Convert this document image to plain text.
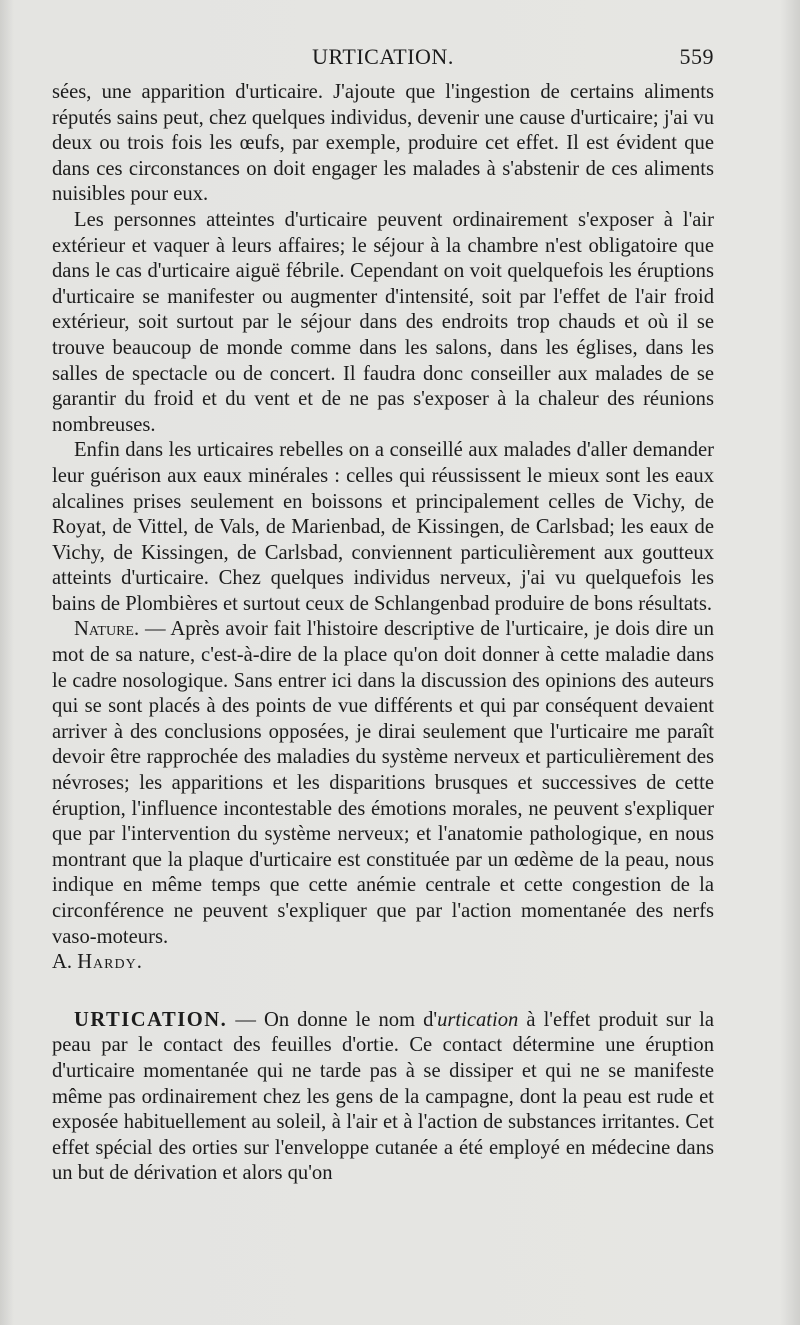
URTICATION.	559

sées, une apparition d'urticaire. J'ajoute que l'ingestion de certains aliments réputés sains peut, chez quelques individus, devenir une cause d'urticaire; j'ai vu deux ou trois fois les œufs, par exemple, produire cet effet. Il est évident que dans ces circonstances on doit engager les malades à s'abstenir de ces aliments nuisibles pour eux.

Les personnes atteintes d'urticaire peuvent ordinairement s'exposer à l'air extérieur et vaquer à leurs affaires; le séjour à la chambre n'est obligatoire que dans le cas d'urticaire aiguë fébrile. Cependant on voit quelquefois les éruptions d'urticaire se manifester ou augmenter d'intensité, soit par l'effet de l'air froid extérieur, soit surtout par le séjour dans des endroits trop chauds et où il se trouve beaucoup de monde comme dans les salons, dans les églises, dans les salles de spectacle ou de concert. Il faudra donc conseiller aux malades de se garantir du froid et du vent et de ne pas s'exposer à la chaleur des réunions nombreuses.

Enfin dans les urticaires rebelles on a conseillé aux malades d'aller demander leur guérison aux eaux minérales : celles qui réussissent le mieux sont les eaux alcalines prises seulement en boissons et principalement celles de Vichy, de Royat, de Vittel, de Vals, de Marienbad, de Kissingen, de Carlsbad; les eaux de Vichy, de Kissingen, de Carlsbad, conviennent particulièrement aux goutteux atteints d'urticaire. Chez quelques individus nerveux, j'ai vu quelquefois les bains de Plombières et surtout ceux de Schlangenbad produire de bons résultats.

Nature. — Après avoir fait l'histoire descriptive de l'urticaire, je dois dire un mot de sa nature, c'est-à-dire de la place qu'on doit donner à cette maladie dans le cadre nosologique. Sans entrer ici dans la discussion des opinions des auteurs qui se sont placés à des points de vue différents et qui par conséquent devaient arriver à des conclusions opposées, je dirai seulement que l'urticaire me paraît devoir être rapprochée des maladies du système nerveux et particulièrement des névroses; les apparitions et les disparitions brusques et successives de cette éruption, l'influence incontestable des émotions morales, ne peuvent s'expliquer que par l'intervention du système nerveux; et l'anatomie pathologique, en nous montrant que la plaque d'urticaire est constituée par un œdème de la peau, nous indique en même temps que cette anémie centrale et cette congestion de la circonférence ne peuvent s'expliquer que par l'action momentanée des nerfs vaso-moteurs.

A. Hardy.

URTICATION. — On donne le nom d'urtication à l'effet produit sur la peau par le contact des feuilles d'ortie. Ce contact détermine une éruption d'urticaire momentanée qui ne tarde pas à se dissiper et qui ne se manifeste même pas ordinairement chez les gens de la campagne, dont la peau est rude et exposée habituellement au soleil, à l'air et à l'action de substances irritantes. Cet effet spécial des orties sur l'enveloppe cutanée a été employé en médecine dans un but de dérivation et alors qu'on
